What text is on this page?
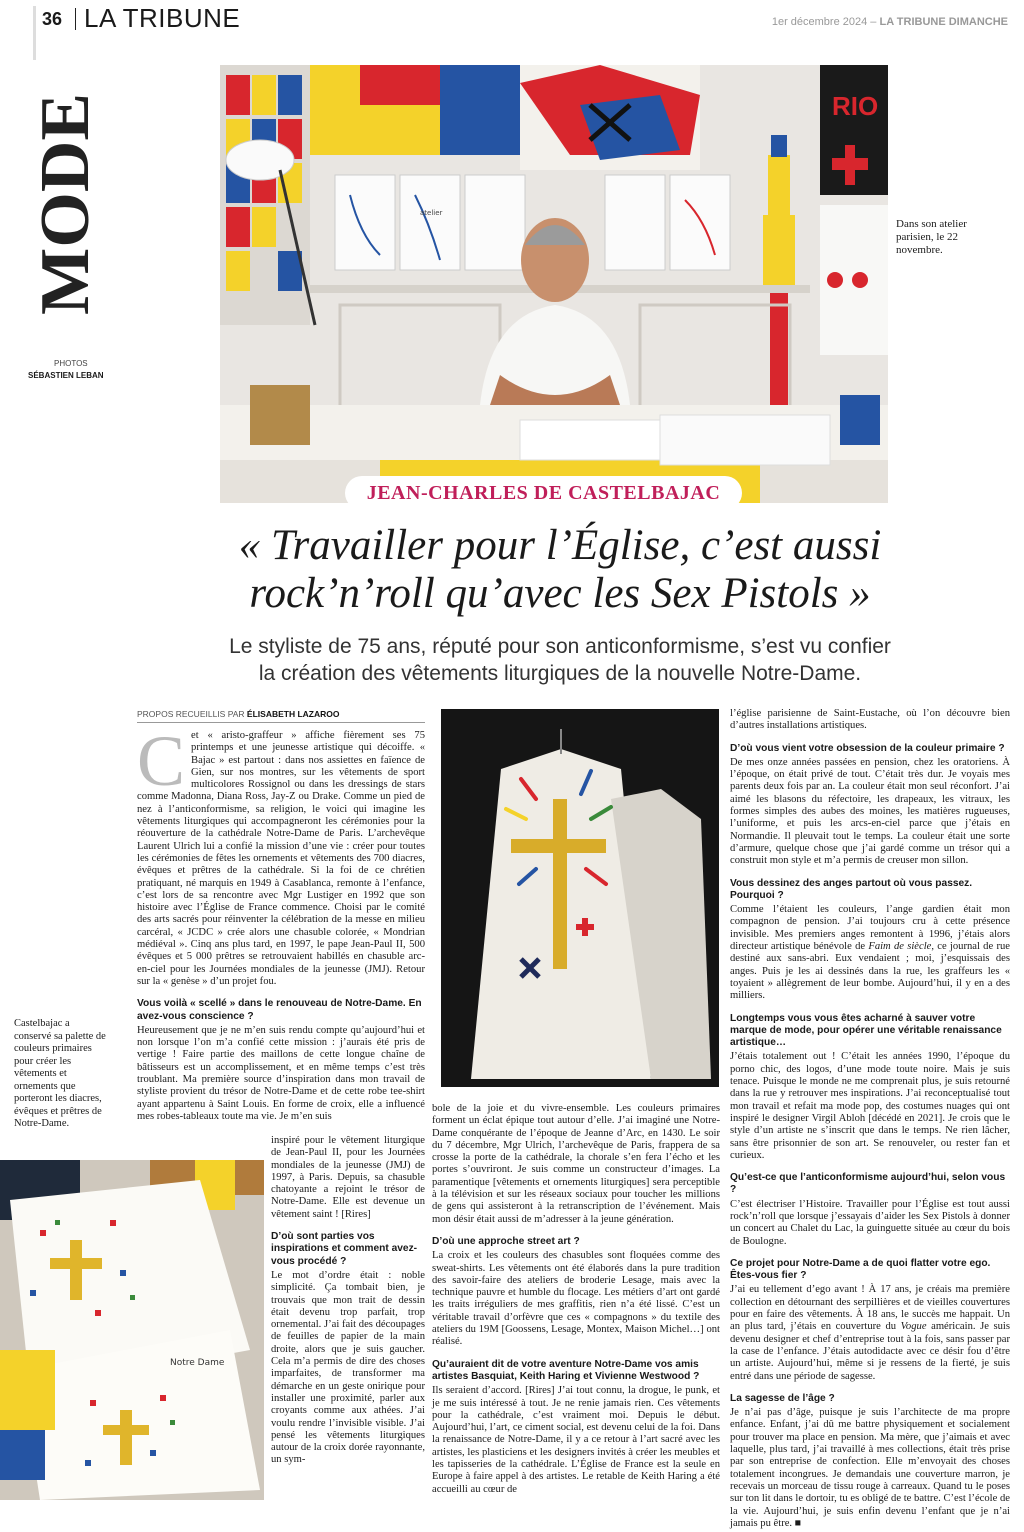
36 LA TRIBUNE	1er décembre 2024 – LA TRIBUNE DIMANCHE
MODE
PHOTOS
SÉBASTIEN LEBAN
atelier
RIO
Dans son atelier parisien, le 22 novembre.
JEAN-CHARLES DE CASTELBAJAC
« Travailler pour l’Église, c’est aussi
rock’n’roll qu’avec les Sex Pistols »
Le styliste de 75 ans, réputé pour son anticonformisme, s’est vu confier
la création des vêtements liturgiques de la nouvelle Notre-Dame.
PROPOS RECUEILLIS PAR ÉLISABETH LAZAROO

Cet « aristo-graffeur » affiche fièrement ses 75 printemps et une jeunesse artistique qui décoiffe. « Bajac » est partout : dans nos assiettes en faïence de Gien, sur nos montres, sur les vêtements de sport multicolores Rossignol ou dans les dressings de stars comme Madonna, Diana Ross, Jay-Z ou Drake. Comme un pied de nez à l’anticonformisme, sa religion, le voici qui imagine les vêtements liturgiques qui accompagneront les cérémonies pour la réouverture de la cathédrale Notre-Dame de Paris. L’archevêque Laurent Ulrich lui a confié la mission d’une vie : créer pour toutes les cérémonies de fêtes les ornements et vêtements des 700 diacres, évêques et prêtres de la cathédrale. Si la foi de ce chrétien pratiquant, né marquis en 1949 à Casablanca, remonte à l’enfance, c’est lors de sa rencontre avec Mgr Lustiger en 1992 que son histoire avec l’Église de France commence. Choisi par le comité des arts sacrés pour réinventer la célébration de la messe en milieu carcéral, « JCDC » crée alors une chasuble colorée, « Mondrian médiéval ». Cinq ans plus tard, en 1997, le pape Jean-Paul II, 500 évêques et 5 000 prêtres se retrouvaient habillés en chasuble arc-en-ciel pour les Journées mondiales de la jeunesse (JMJ). Retour sur la « genèse » d’un projet fou.

Vous voilà « scellé » dans le renouveau de Notre-Dame. En avez-vous conscience ?

Heureusement que je ne m’en suis rendu compte qu’aujourd’hui et non lorsque l’on m’a confié cette mission : j’aurais été pris de vertige ! Faire partie des maillons de cette longue chaîne de bâtisseurs est un accomplissement, et en même temps c’est très troublant. Ma première source d’inspiration dans mon travail de styliste provient du trésor de Notre-Dame et de cette robe tee-shirt ayant appartenu à Saint Louis. En forme de croix, elle a influencé mes robes-tableaux toute ma vie. Je m’en suis

inspiré pour le vêtement liturgique de Jean-Paul II, pour les Journées mondiales de la jeunesse (JMJ) de 1997, à Paris. Depuis, sa chasuble chatoyante a rejoint le trésor de Notre-Dame. Elle est devenue un vêtement saint ! [Rires]

D’où sont parties vos inspirations et comment avez-vous procédé ?

Le mot d’ordre était : noble simplicité. Ça tombait bien, je trouvais que mon trait de dessin était devenu trop parfait, trop ornemental. J’ai fait des découpages de feuilles de papier de la main droite, alors que je suis gaucher. Cela m’a permis de dire des choses imparfaites, de transformer ma démarche en un geste onirique pour installer une proximité, parler aux croyants comme aux athées. J’ai voulu rendre l’invisible visible. J’ai pensé les vêtements liturgiques autour de la croix dorée rayonnante, un sym-

Castelbajac a conservé sa palette de couleurs primaires pour créer les vêtements et ornements que porteront les diacres, évêques et prêtres de Notre-Dame.
Notre Dame

bole de la joie et du vivre-ensemble. Les couleurs primaires forment un éclat épique tout autour d’elle. J’ai imaginé une Notre-Dame conquérante de l’époque de Jeanne d’Arc, en 1430. Le soir du 7 décembre, Mgr Ulrich, l’archevêque de Paris, frappera de sa crosse la porte de la cathédrale, la chorale s’en fera l’écho et les portes s’ouvriront. Je suis comme un constructeur d’images. La paramentique [vêtements et ornements liturgiques] sera perceptible à la télévision et sur les réseaux sociaux pour toucher les millions de gens qui assisteront à la retranscription de l’événement. Mais mon désir était aussi de m’adresser à la jeune génération.

D’où une approche street art ?

La croix et les couleurs des chasubles sont floquées comme des sweat-shirts. Les vêtements ont été élaborés dans la pure tradition des savoir-faire des ateliers de broderie Lesage, mais avec la technique pauvre et humble du flocage. Les métiers d’art ont gardé les traits irréguliers de mes graffitis, rien n’a été lissé. C’est un véritable travail d’orfèvre que ces « compagnons » du textile des ateliers du 19M [Goossens, Lesage, Montex, Maison Michel…] ont réalisé.

Qu’auraient dit de votre aventure Notre-Dame vos amis artistes Basquiat, Keith Haring et Vivienne Westwood ?

Ils seraient d’accord. [Rires] J’ai tout connu, la drogue, le punk, et je me suis intéressé à tout. Je ne renie jamais rien. Ces vêtements pour la cathédrale, c’est vraiment moi. Depuis le début. Aujourd’hui, l’art, ce ciment social, est devenu celui de la foi. Dans la renaissance de Notre-Dame, il y a ce retour à l’art sacré avec les artistes, les plasticiens et les designers invités à créer les meubles et les tapisseries de la cathédrale. L’Église de France est la seule en Europe à faire appel à des artistes. Le retable de Keith Haring a été accueilli au cœur de

l’église parisienne de Saint-Eustache, où l’on découvre bien d’autres installations artistiques.

D’où vous vient votre obsession de la couleur primaire ?

De mes onze années passées en pension, chez les oratoriens. À l’époque, on était privé de tout. C’était très dur. Je voyais mes parents deux fois par an. La couleur était mon seul réconfort. J’ai aimé les blasons du réfectoire, les drapeaux, les vitraux, les formes simples des aubes des moines, les matières rugueuses, l’uniforme, et puis les arcs-en-ciel parce que j’étais en Normandie. Il pleuvait tout le temps. La couleur était une sorte d’armure, quelque chose que j’ai gardé comme un trésor qui a construit mon style et m’a permis de creuser mon sillon.

Vous dessinez des anges partout où vous passez. Pourquoi ?

Comme l’étaient les couleurs, l’ange gardien était mon compagnon de pension. J’ai toujours cru à cette présence invisible. Mes premiers anges remontent à 1996, j’étais alors directeur artistique bénévole de Faim de siècle, ce journal de rue destiné aux sans-abri. Eux vendaient ; moi, j’esquissais des anges. Puis je les ai dessinés dans la rue, les graffeurs les « toyaient » allègrement de leur bombe. Aujourd’hui, il y en a des milliers.

Longtemps vous vous êtes acharné à sauver votre marque de mode, pour opérer une véritable renaissance artistique…

J’étais totalement out ! C’était les années 1990, l’époque du porno chic, des logos, d’une mode toute noire. Mais je suis tenace. Puisque le monde ne me comprenait plus, je suis retourné dans la rue y retrouver mes inspirations. J’ai reconceptualisé tout mon travail et refait ma mode pop, des costumes nuages qui ont inspiré le designer Virgil Abloh [décédé en 2021]. Je crois que le style d’un artiste ne s’inscrit que dans le temps. Ne rien lâcher, sans être prisonnier de son art. Se renouveler, ou rester fan et curieux.

Qu’est-ce que l’anticonformisme aujourd’hui, selon vous ?

C’est électriser l’Histoire. Travailler pour l’Église est tout aussi rock’n’roll que lorsque j’essayais d’aider les Sex Pistols à donner un concert au Chalet du Lac, la guinguette située au cœur du bois de Boulogne.

Ce projet pour Notre-Dame a de quoi flatter votre ego. Êtes-vous fier ?

J’ai eu tellement d’ego avant ! À 17 ans, je créais ma première collection en détournant des serpillières et de vieilles couvertures pour en faire des vêtements. À 18 ans, le succès me happait. Un an plus tard, j’étais en couverture du Vogue américain. Je suis devenu designer et chef d’entreprise tout à la fois, sans passer par la case de l’enfance. J’étais autodidacte avec ce désir fou d’être un artiste. Aujourd’hui, même si je ressens de la fierté, je suis entré dans une période de sagesse.

La sagesse de l’âge ?

Je n’ai pas d’âge, puisque je suis l’architecte de ma propre enfance. Enfant, j’ai dû me battre physiquement et socialement pour trouver ma place en pension. Ma mère, que j’aimais et avec laquelle, plus tard, j’ai travaillé à mes collections, était très prise par son entreprise de confection. Elle m’envoyait des choses totalement incongrues. Je demandais une couverture marron, je recevais un morceau de tissu rouge à carreaux. Quand tu le poses sur ton lit dans le dortoir, tu es obligé de te battre. C’est l’école de la vie. Aujourd’hui, je suis enfin devenu l’enfant que je n’ai jamais pu être. ■
